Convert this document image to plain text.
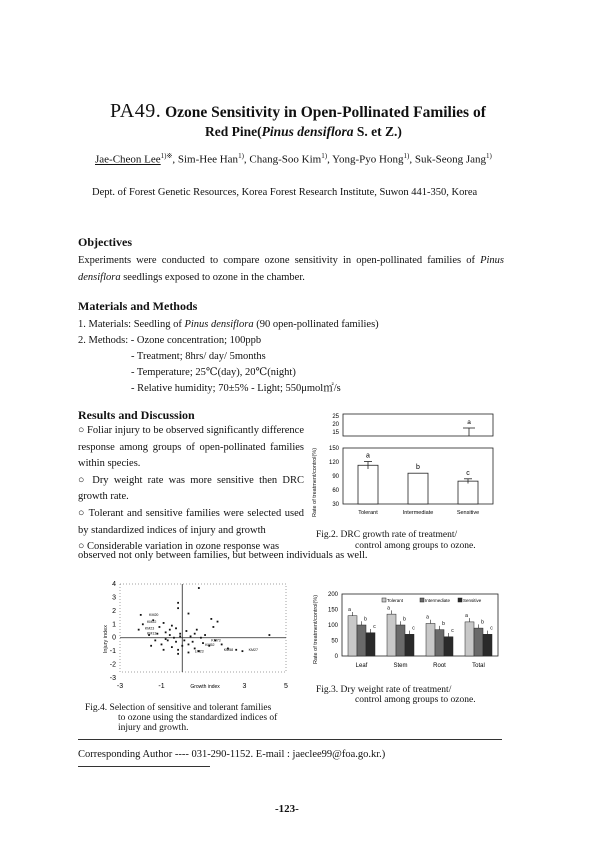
PA49. Ozone Sensitivity in Open-Pollinated Families of
Red Pine(Pinus densiflora S. et Z.)
Jae-Cheon Lee$^{1)※}$, Sim-Hee Han$^{1)}$, Chang-Soo Kim$^{1)}$, Yong-Pyo Hong$^{1)}$, Suk-Seong Jang$^{1)}$
Dept. of Forest Genetic Resources, Korea Forest Research Institute, Suwon 441-350, Korea
Objectives
Experiments were conducted to compare ozone sensitivity in open-pollinated families of Pinus densiflora seedlings exposed to ozone in the chamber.
Materials and Methods
1. Materials: Seedling of Pinus densiflora (90 open-pollinated families)
2. Methods: - Ozone concentration; 100ppb
- Treatment; 8hrs/ day/ 5months
- Temperature; 25℃(day), 20℃(night)
- Relative humidity; 70±5% - Light; 550μmol㎡/s
Results and Discussion
○ Foliar injury to be observed significantly difference response among groups of open-pollinated families within species.
○ Dry weight rate was more sensitive then DRC growth rate.
○ Tolerant and sensitive families were selected used by standardized indices of injury and growth
○ Considerable variation in ozone response was
observed not only between families, but between individuals as well.
25
20
15
a
30
60
90
120
150
a
Tolerant
b
Intermediate
c
Sensitive
Rate of treatment/control(%)
Fig.2. DRC growth rate of treatment/
control among groups to ozone.
-3
-2
-1
0
1
2
3
4
-3	-1	3	5
Growth index
KM20
KM22
KM23
KM13
KM73
KM52
KM58	KM27
LM23
Injury index
Fig.4. Selection of sensitive and tolerant families
to ozone using the standardized indices of
injury and growth.
0
50
100
150
200
Tolerant	Intermediate	Sensitive
a
b
c
Leaf
a
b
c
Stem
a
b
c
Root
a
b
c
Total
Rate of treatment/control(%)
Fig.3. Dry weight rate of treatment/
control among groups to ozone.
Corresponding Author ---- 031-290-1152. E-mail : jaeclee99@foa.go.kr.)
-123-
